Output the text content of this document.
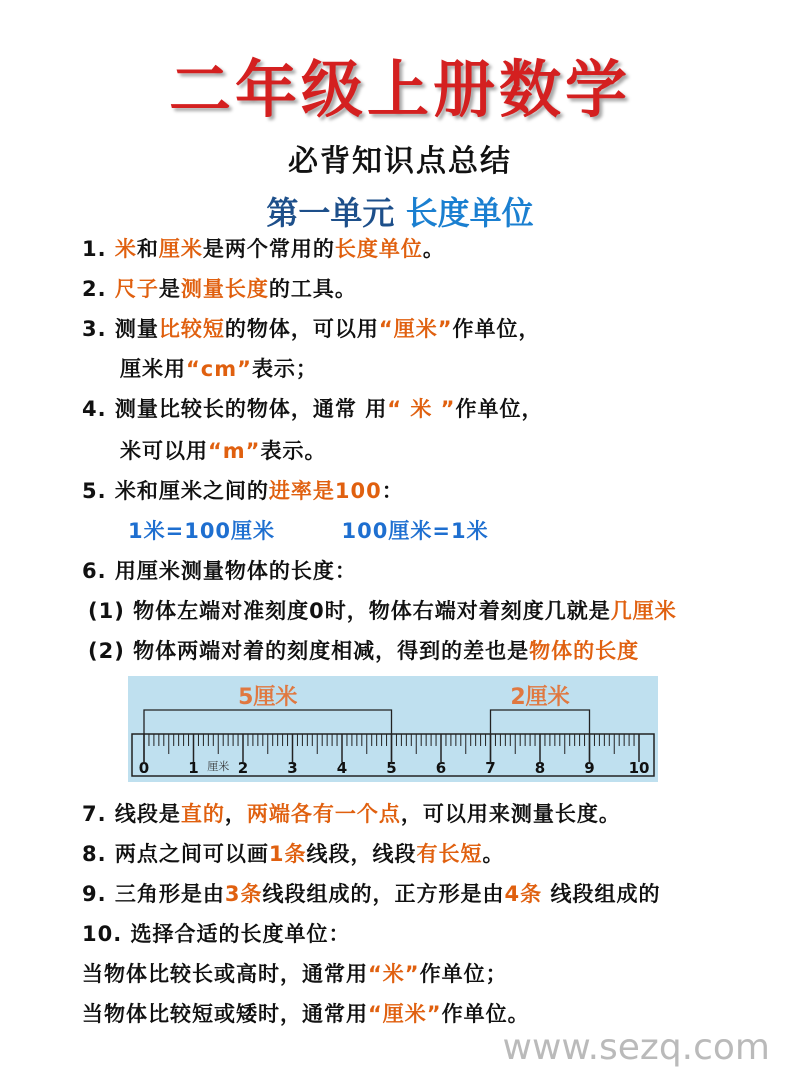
二年级上册数学
必背知识点总结
第一单元 长度单位
1. 米和厘米是两个常用的长度单位。
2. 尺子是测量长度的工具。
3. 测量比较短的物体，可以用“厘米”作单位，
厘米用“cm”表示；
4. 测量比较长的物体，通常 用“ 米 ”作单位，
米可以用“m”表示。
5. 米和厘米之间的进率是100：
1米=100厘米	100厘米=1米
6. 用厘米测量物体的长度：
(1) 物体左端对准刻度0时，物体右端对着刻度几就是几厘米
(2) 物体两端对着的刻度相减，得到的差也是物体的长度
0	1	2	3	4	5	6	7	8	9 10
厘米
5厘米	2厘米
7. 线段是直的，两端各有一个点，可以用来测量长度。
8. 两点之间可以画1条线段，线段有长短。
9. 三角形是由3条线段组成的，正方形是由4条 线段组成的
10. 选择合适的长度单位：
当物体比较长或高时，通常用“米”作单位；
当物体比较短或矮时，通常用“厘米”作单位。
www.sezq.com
